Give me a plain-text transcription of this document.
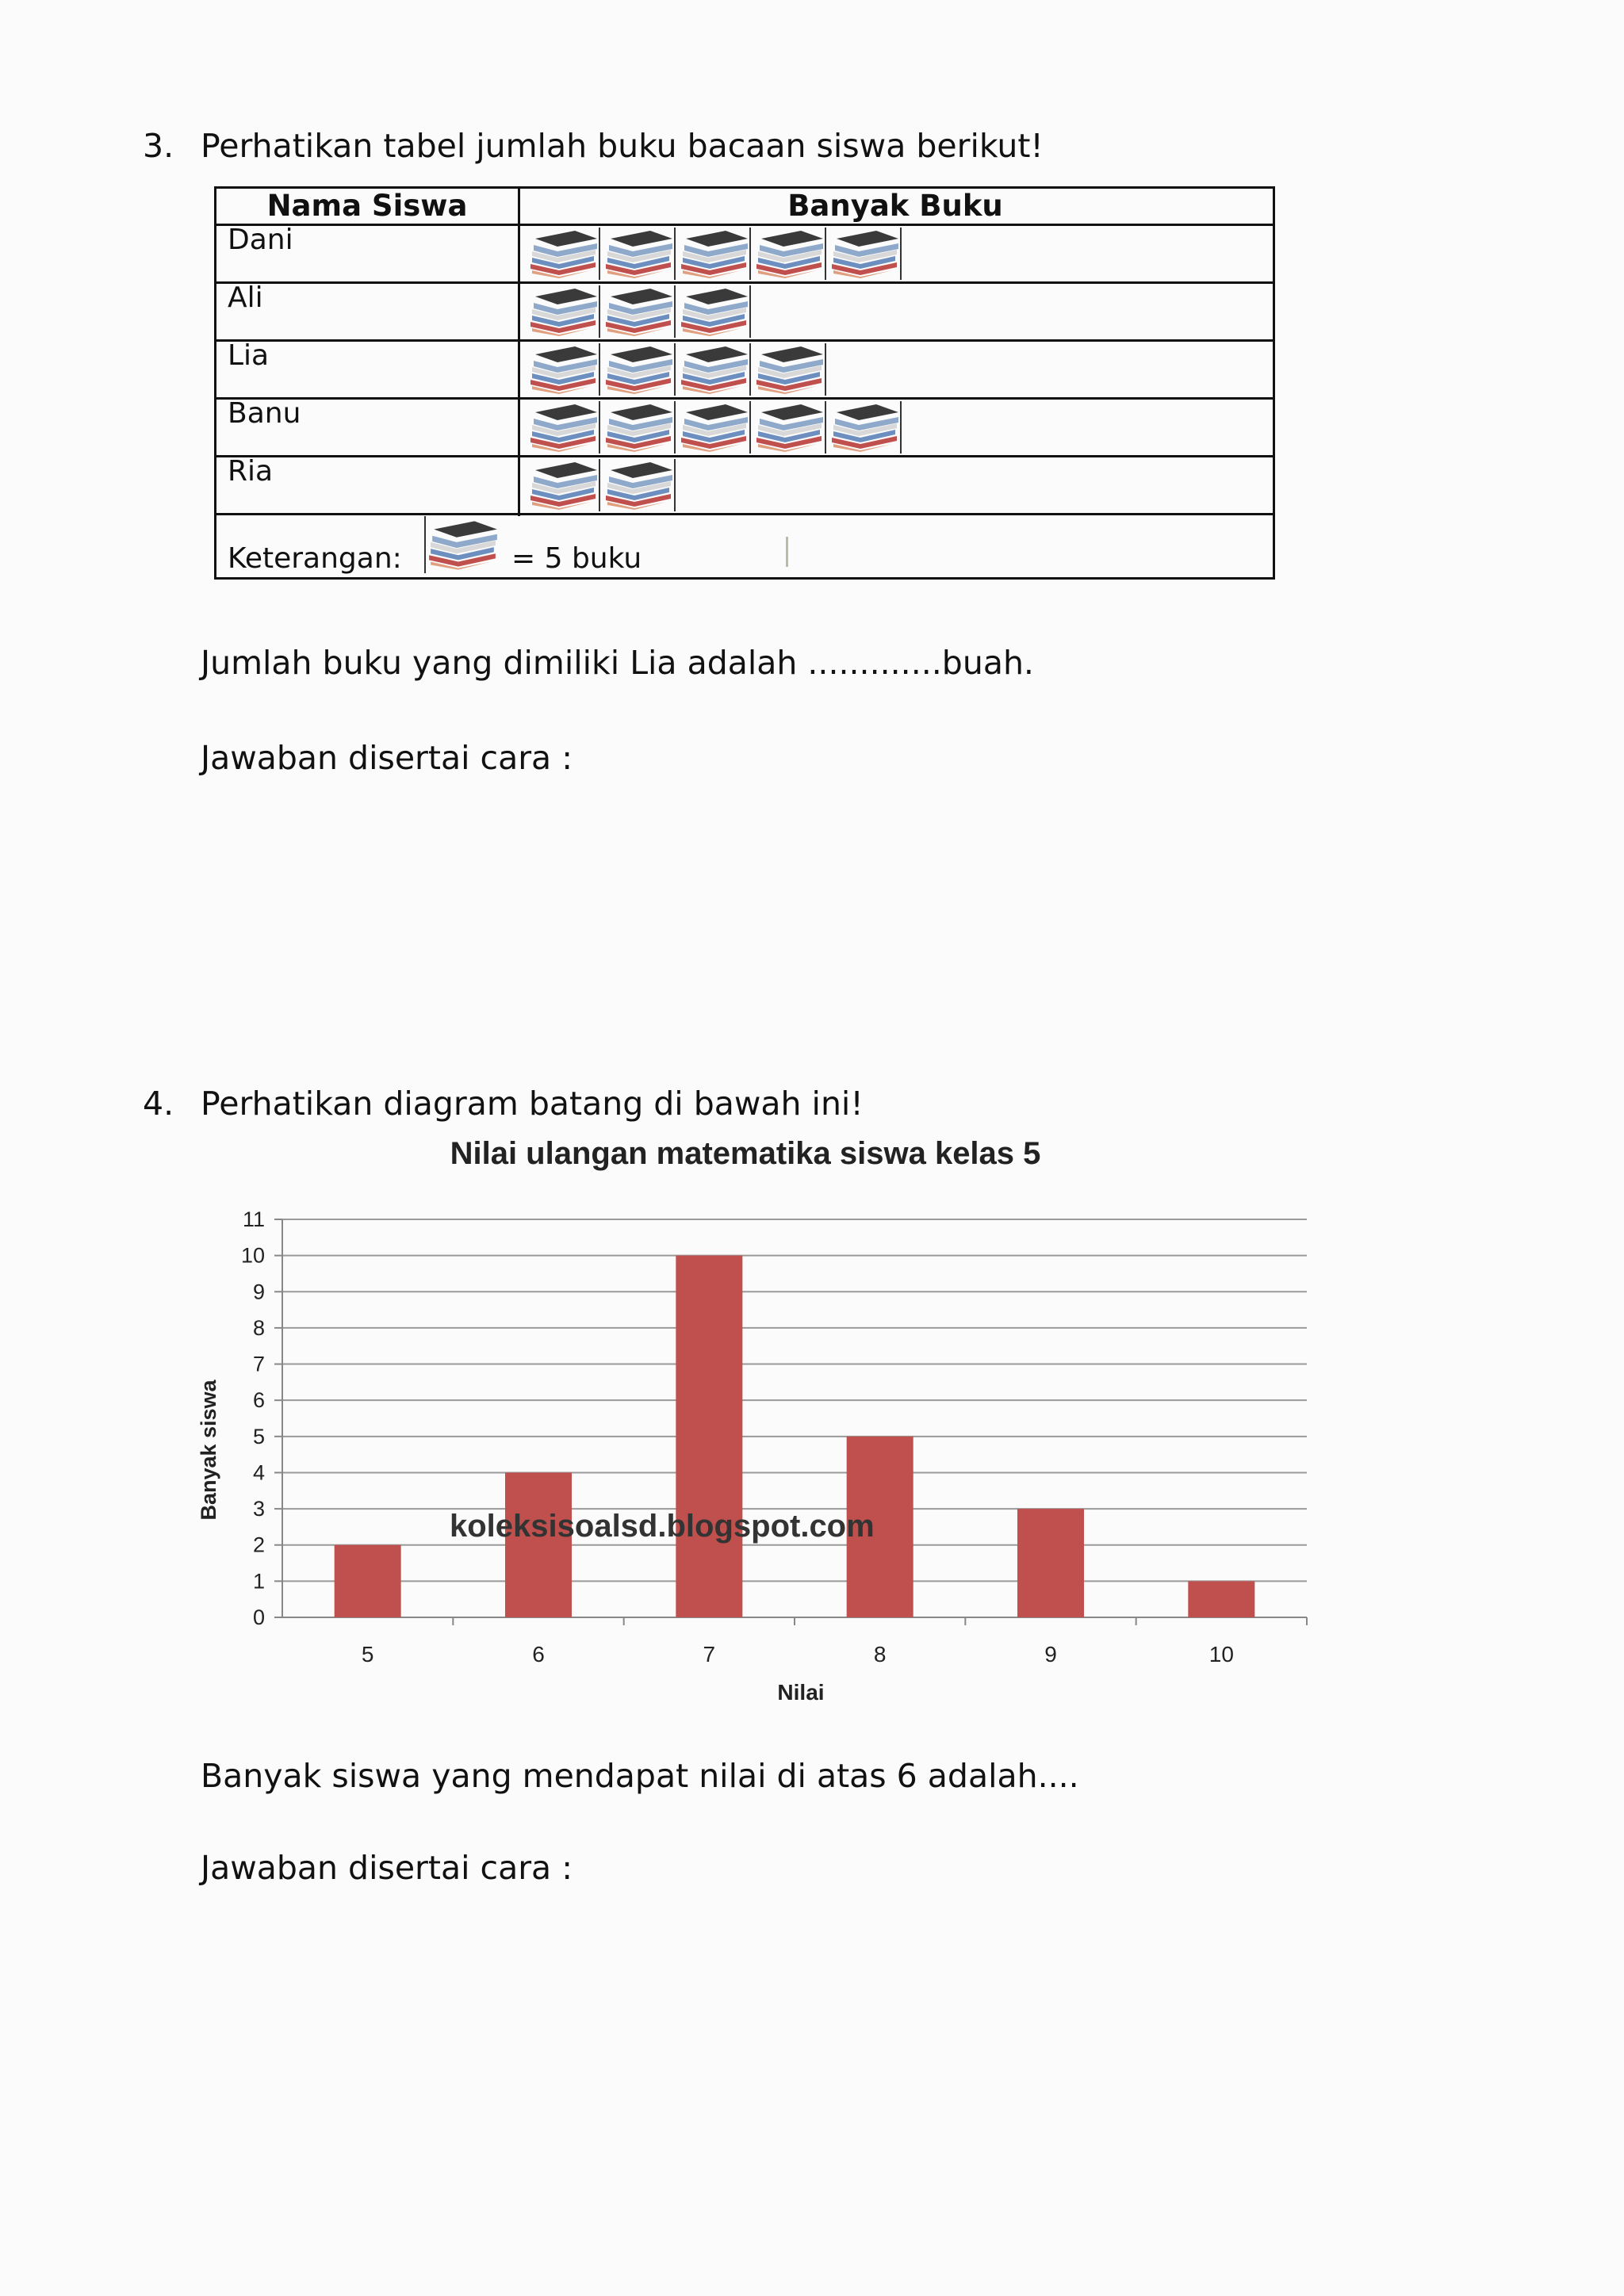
3. Perhatikan tabel jumlah buku bacaan siswa berikut!
Nama Siswa	Banyak Buku
Dani
Ali
Lia
Banu
Ria
Keterangan:	= 5 buku
Jumlah buku yang dimiliki Lia adalah .............buah.
Jawaban disertai cara :
4. Perhatikan diagram batang di bawah ini!
Nilai ulangan matematika siswa kelas 5
0
1
2
3
4
5
6
7
8
9
10
11
5	6	7	8	9	10
Nilai
Banyak siswa
koleksisoalsd.blogspot.com
Banyak siswa yang mendapat nilai di atas 6 adalah....
Jawaban disertai cara :
